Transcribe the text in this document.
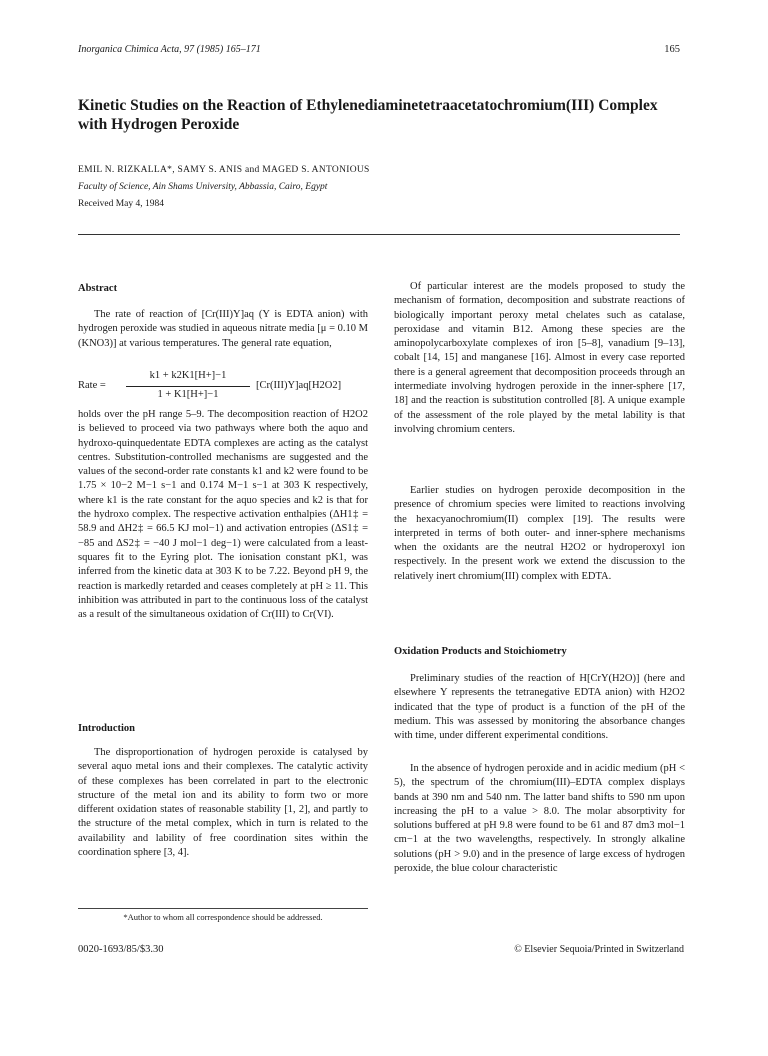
Inorganica Chimica Acta, 97 (1985) 165–171	165
Kinetic Studies on the Reaction of Ethylenediaminetetraacetatochromium(III) Complex with Hydrogen Peroxide
EMIL N. RIZKALLA*, SAMY S. ANIS and MAGED S. ANTONIOUS
Faculty of Science, Ain Shams University, Abbassia, Cairo, Egypt
Received May 4, 1984
Abstract

The rate of reaction of [Cr(III)Y]aq (Y is EDTA anion) with hydrogen peroxide was studied in aqueous nitrate media [μ = 0.10 M (KNO3)] at various temperatures. The general rate equation,

Rate =
k1 + k2K1[H+]−1
1 + K1[H+]−1
[Cr(III)Y]aq[H2O2]

holds over the pH range 5–9. The decomposition reaction of H2O2 is believed to proceed via two pathways where both the aquo and hydroxo-quinquedentate EDTA complexes are acting as the catalyst centres. Substitution-controlled mechanisms are suggested and the values of the second-order rate constants k1 and k2 were found to be 1.75 × 10−2 M−1 s−1 and 0.174 M−1 s−1 at 303 K respectively, where k1 is the rate constant for the aquo species and k2 is that for the hydroxo complex. The respective activation enthalpies (ΔH1‡ = 58.9 and ΔH2‡ = 66.5 KJ mol−1) and activation entropies (ΔS1‡ = −85 and ΔS2‡ = −40 J mol−1 deg−1) were calculated from a least-squares fit to the Eyring plot. The ionisation constant pK1, was inferred from the kinetic data at 303 K to be 7.22. Beyond pH 9, the reaction is markedly retarded and ceases completely at pH ≥ 11. This inhibition was attributed in part to the continuous loss of the catalyst as a result of the simultaneous oxidation of Cr(III) to Cr(VI).

Introduction

The disproportionation of hydrogen peroxide is catalysed by several aquo metal ions and their complexes. The catalytic activity of these complexes has been correlated in part to the electronic structure of the metal ion and its ability to form two or more different oxidation states of reasonable stability [1, 2], and partly to the structure of the metal complex, which in turn is related to the availability and lability of free coordination sites within the coordination sphere [3, 4].

*Author to whom all correspondence should be addressed.

Of particular interest are the models proposed to study the mechanism of formation, decomposition and substrate reactions of biologically important peroxy metal chelates such as catalase, peroxidase and vitamin B12. Among these species are the aminopolycarboxylate complexes of iron [5–8], vanadium [9–13], cobalt [14, 15] and manganese [16]. Almost in every case reported there is a general agreement that decomposition proceeds through an intermediate involving hydrogen peroxide in the inner-sphere [17, 18] and the reaction is substitution controlled [8]. A unique example of the assessment of the role played by the metal lability is that involving chromium centers.

Earlier studies on hydrogen peroxide decomposition in the presence of chromium species were limited to reactions involving the hexacyanochromium(II) complex [19]. The results were interpreted in terms of both outer- and inner-sphere mechanisms when the oxidants are the neutral H2O2 or hydroperoxyl ion respectively. In the present work we extend the discussion to the relatively inert chromium(III) complex with EDTA.

Oxidation Products and Stoichiometry

Preliminary studies of the reaction of H[CrY(H2O)] (here and elsewhere Y represents the tetranegative EDTA anion) with H2O2 indicated that the type of product is a function of the pH of the medium. This was assessed by monitoring the absorbance changes with time, under different experimental conditions.

In the absence of hydrogen peroxide and in acidic medium (pH < 5), the spectrum of the chromium(III)–EDTA complex displays bands at 390 nm and 540 nm. The latter band shifts to 590 nm upon increasing the pH to a value > 8.0. The molar absorptivity for solutions buffered at pH 9.8 were found to be 61 and 87 dm3 mol−1 cm−1 at the two wavelengths, respectively. In strongly alkaline solutions (pH > 9.0) and in the presence of large excess of hydrogen peroxide, the blue colour characteristic

0020-1693/85/$3.30	© Elsevier Sequoia/Printed in Switzerland
